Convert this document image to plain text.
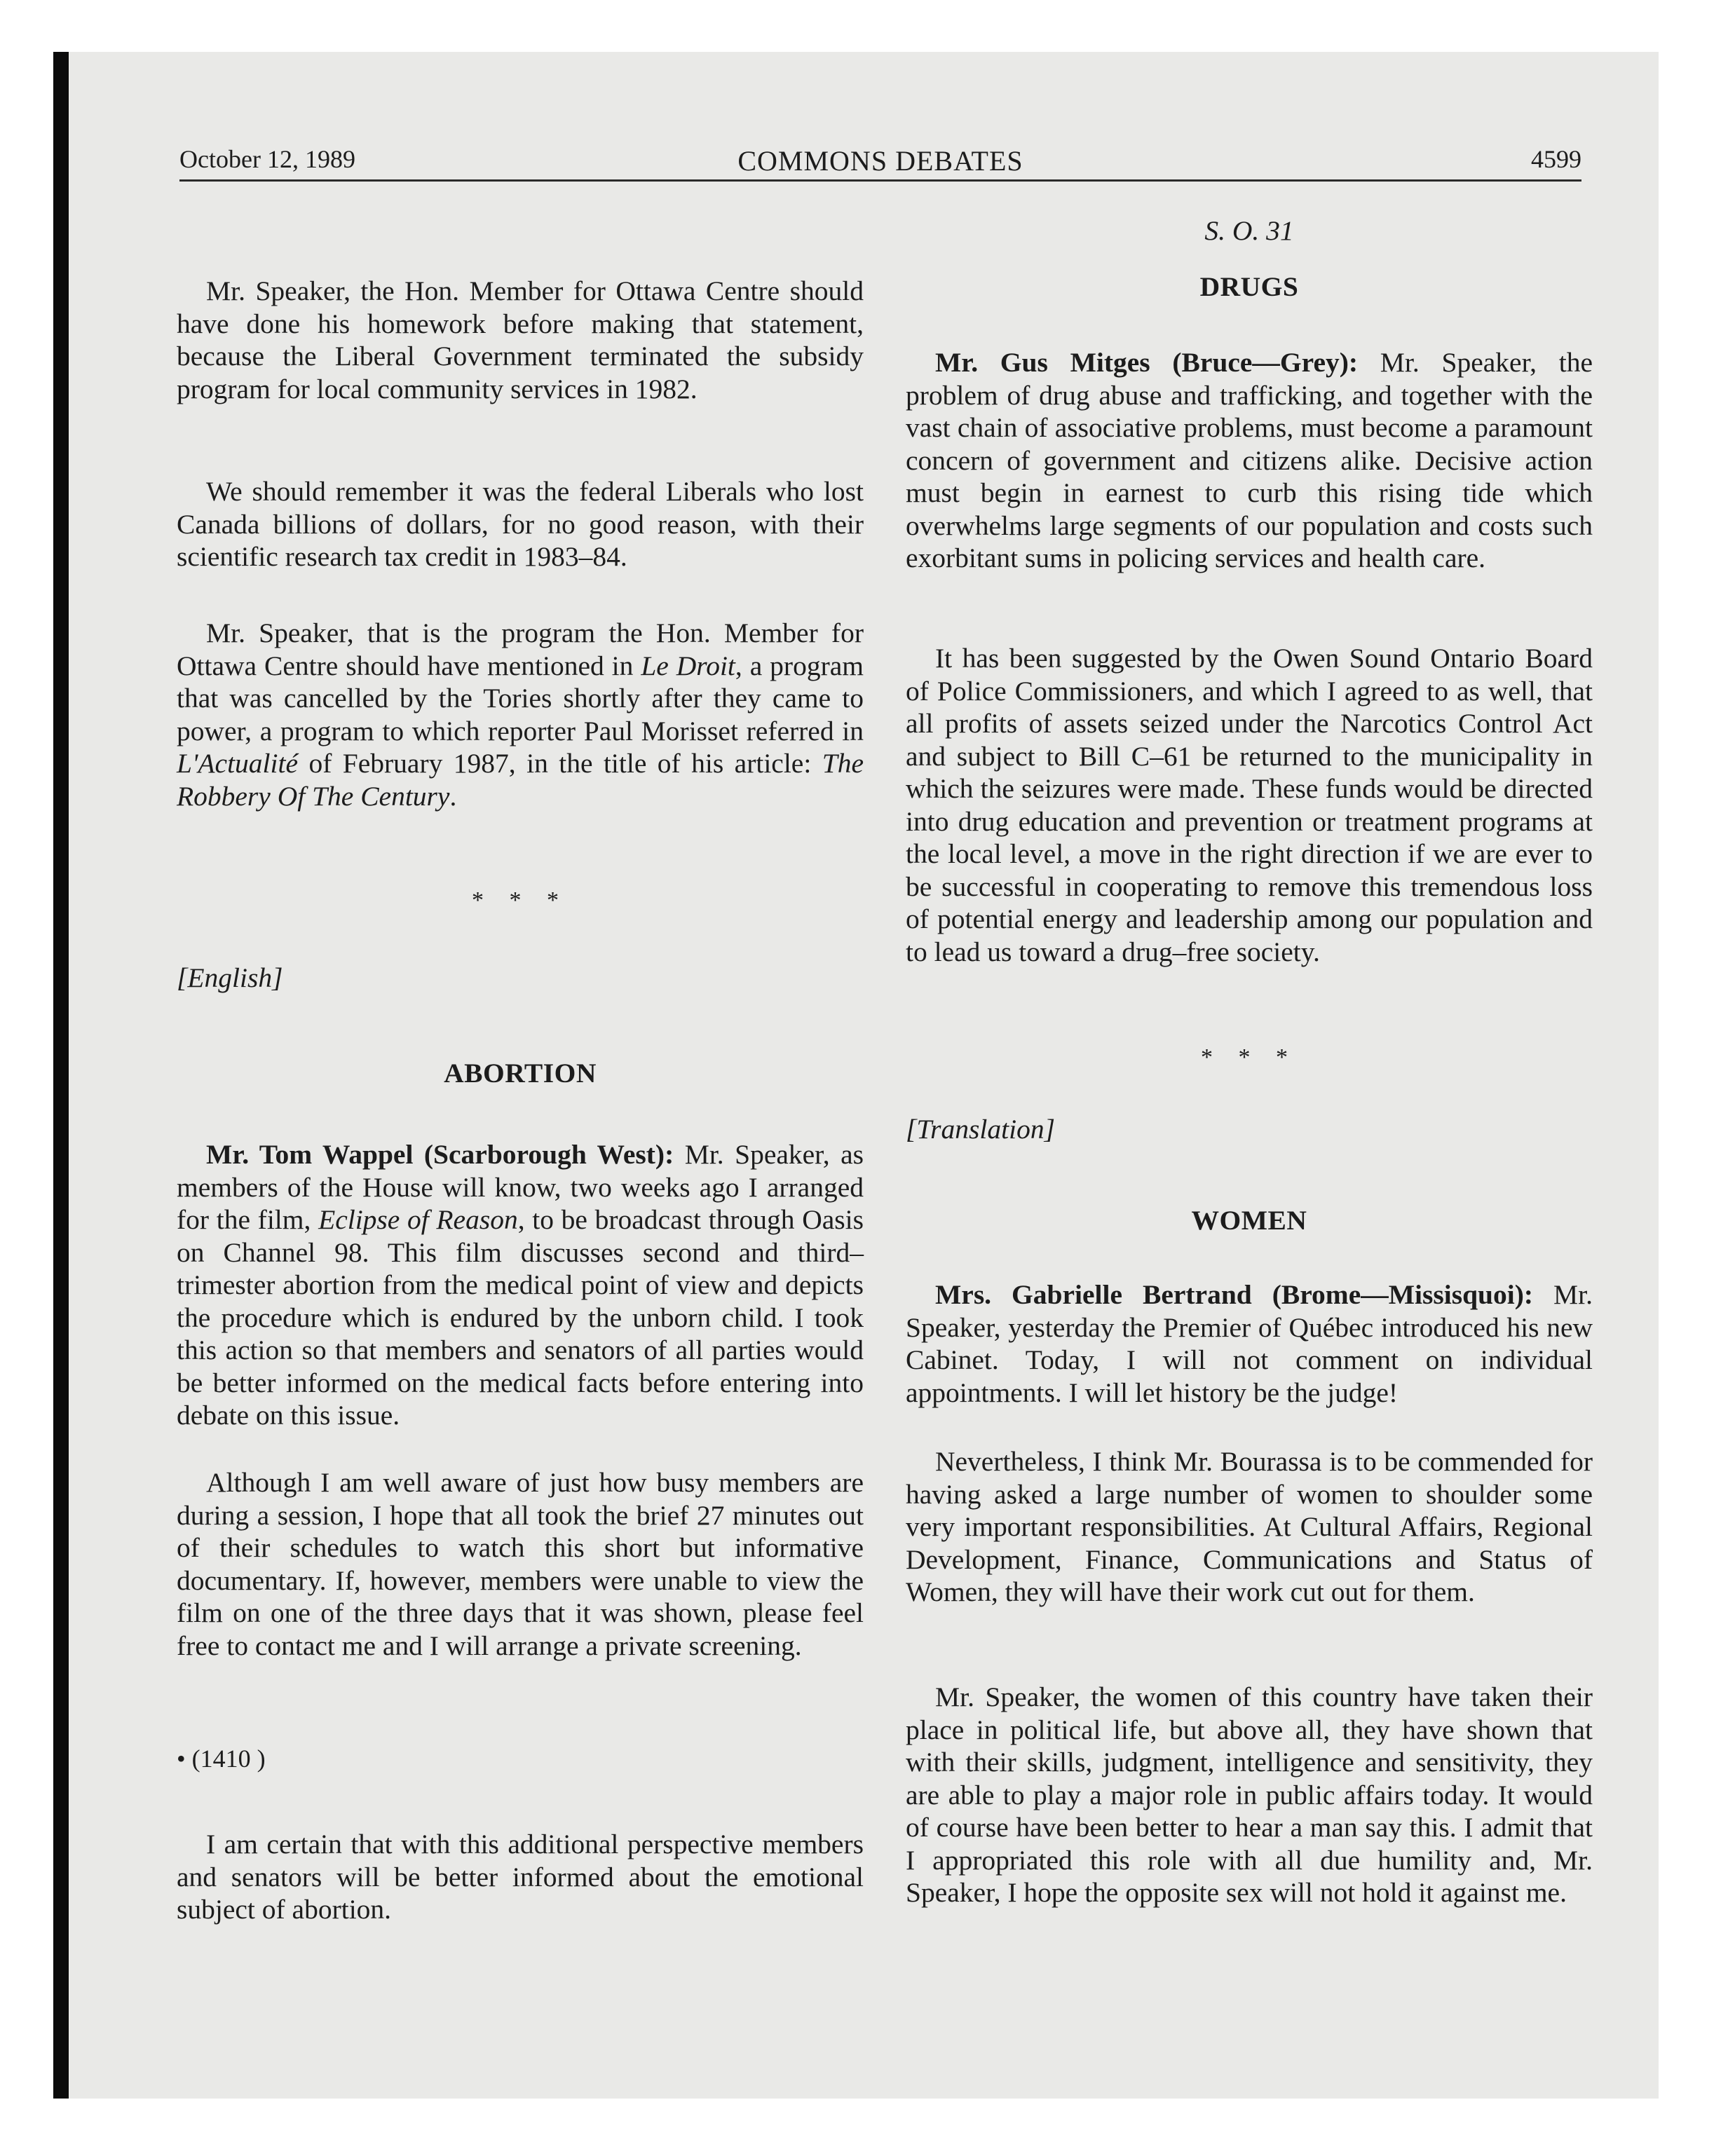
October 12, 1989	COMMONS DEBATES	4599

Mr. Speaker, the Hon. Member for Ottawa Centre should have done his homework before making that statement, because the Liberal Government terminated the subsidy program for local community services in 1982.

We should remember it was the federal Liberals who lost Canada billions of dollars, for no good reason, with their scientific research tax credit in 1983–84.

Mr. Speaker, that is the program the Hon. Member for Ottawa Centre should have mentioned in Le Droit, a program that was cancelled by the Tories shortly after they came to power, a program to which reporter Paul Morisset referred in L'Actualité of February 1987, in the title of his article: The Robbery Of The Century.

* * *

[English]

ABORTION

Mr. Tom Wappel (Scarborough West): Mr. Speaker, as members of the House will know, two weeks ago I arranged for the film, Eclipse of Reason, to be broadcast through Oasis on Channel 98. This film discusses second and third–trimester abortion from the medical point of view and depicts the procedure which is endured by the unborn child. I took this action so that members and senators of all parties would be better informed on the medical facts before entering into debate on this issue.

Although I am well aware of just how busy members are during a session, I hope that all took the brief 27 minutes out of their schedules to watch this short but informative documentary. If, however, members were unable to view the film on one of the three days that it was shown, please feel free to contact me and I will arrange a private screening.

• (1410 )

I am certain that with this additional perspective members and senators will be better informed about the emotional subject of abortion.

S. O. 31

DRUGS

Mr. Gus Mitges (Bruce—Grey): Mr. Speaker, the problem of drug abuse and trafficking, and together with the vast chain of associative problems, must become a paramount concern of government and citizens alike. Decisive action must begin in earnest to curb this rising tide which overwhelms large segments of our population and costs such exorbitant sums in policing services and health care.

It has been suggested by the Owen Sound Ontario Board of Police Commissioners, and which I agreed to as well, that all profits of assets seized under the Narcotics Control Act and subject to Bill C–61 be returned to the municipality in which the seizures were made. These funds would be directed into drug education and prevention or treatment programs at the local level, a move in the right direction if we are ever to be successful in cooperating to remove this tremendous loss of potential energy and leadership among our population and to lead us toward a drug–free society.

* * *

[Translation]

WOMEN

Mrs. Gabrielle Bertrand (Brome—Missisquoi): Mr. Speaker, yesterday the Premier of Québec introduced his new Cabinet. Today, I will not comment on individual appointments. I will let history be the judge!

Nevertheless, I think Mr. Bourassa is to be commended for having asked a large number of women to shoulder some very important responsibilities. At Cultural Affairs, Regional Development, Finance, Communications and Status of Women, they will have their work cut out for them.

Mr. Speaker, the women of this country have taken their place in political life, but above all, they have shown that with their skills, judgment, intelligence and sensitivity, they are able to play a major role in public affairs today. It would of course have been better to hear a man say this. I admit that I appropriated this role with all due humility and, Mr. Speaker, I hope the opposite sex will not hold it against me.
